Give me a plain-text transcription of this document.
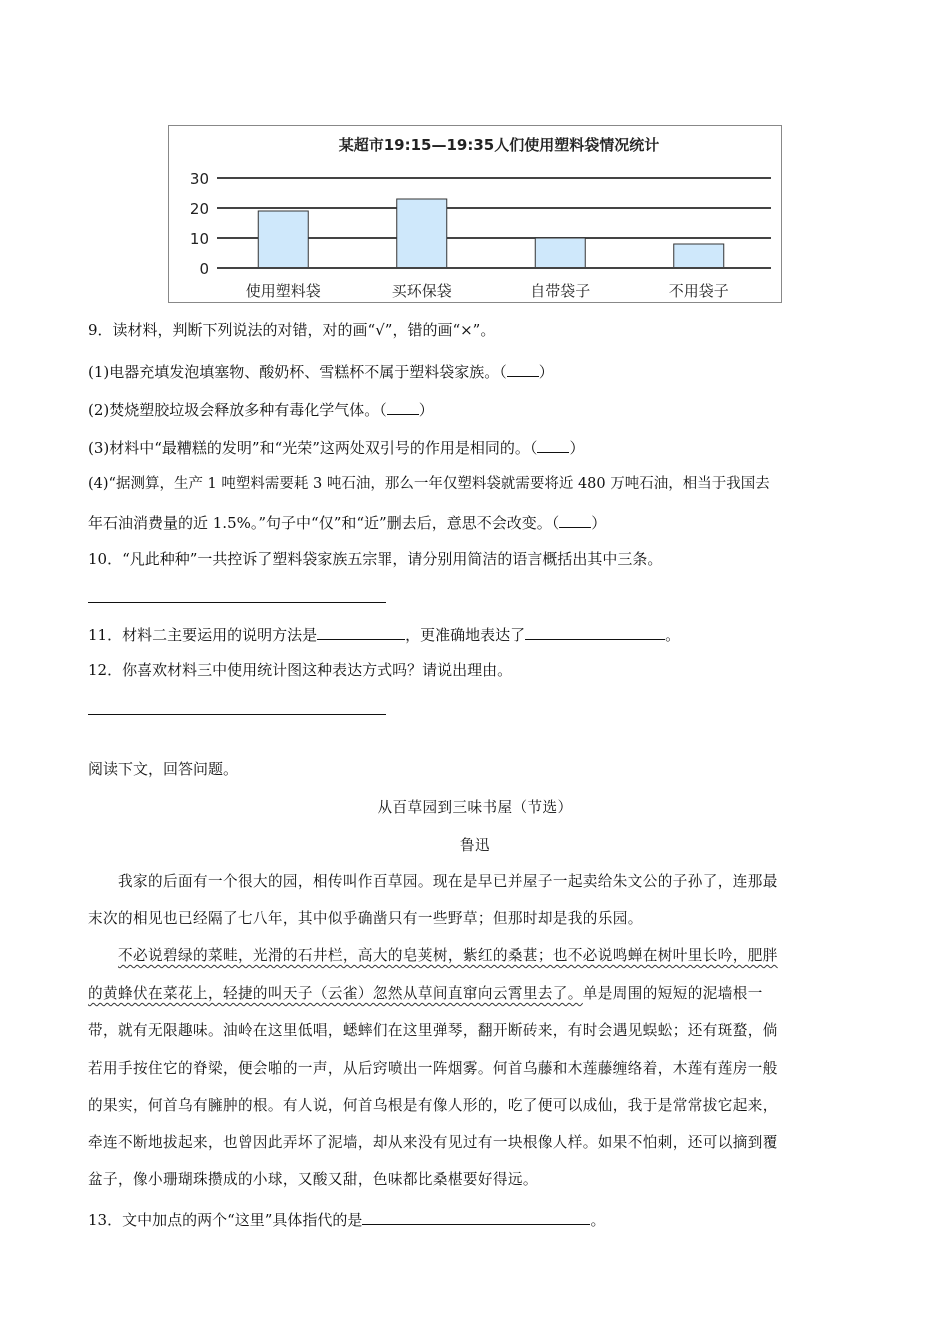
某超市19:15—19:35人们使用塑料袋情况统计
0
10
20
30
使用塑料袋	买环保袋	自带袋子	不用袋子
9．读材料，判断下列说法的对错，对的画“√”，错的画“×”。
(1)电器充填发泡填塞物、酸奶杯、雪糕杯不属于塑料袋家族。（ ）
(2)焚烧塑胶垃圾会释放多种有毒化学气体。（ ）
(3)材料中“最糟糕的发明”和“光荣”这两处双引号的作用是相同的。（ ）
(4)“据测算，生产 1 吨塑料需要耗 3 吨石油，那么一年仅塑料袋就需要将近 480 万吨石油，相当于我国去
年石油消费量的近 1.5%。”句子中“仅”和“近”删去后，意思不会改变。（ ）
10．“凡此种种”一共控诉了塑料袋家族五宗罪，请分别用简洁的语言概括出其中三条。
11．材料二主要运用的说明方法是	，更准确地表达了	。
12．你喜欢材料三中使用统计图这种表达方式吗？请说出理由。
阅读下文，回答问题。
从百草园到三味书屋（节选）
鲁迅
我家的后面有一个很大的园，相传叫作百草园。现在是早已并屋子一起卖给朱文公的子孙了，连那最
末次的相见也已经隔了七八年，其中似乎确凿只有一些野草；但那时却是我的乐园。
不必说碧绿的菜畦，光滑的石井栏，高大的皂荚树，紫红的桑葚；也不必说鸣蝉在树叶里长吟，肥胖
的黄蜂伏在菜花上，轻捷的叫天子（云雀）忽然从草间直窜向云霄里去了。单是周围的短短的泥墙根一
带，就有无限趣味。油岭在这里低唱，蟋蟀们在这里弹琴，翻开断砖来，有时会遇见蜈蚣；还有斑蝥，倘
若用手按住它的脊梁，便会啪的一声，从后窍喷出一阵烟雾。何首乌藤和木莲藤缠络着，木莲有莲房一般
的果实，何首乌有臃肿的根。有人说，何首乌根是有像人形的，吃了便可以成仙，我于是常常拔它起来，
牵连不断地拔起来，也曾因此弄坏了泥墙，却从来没有见过有一块根像人样。如果不怕刺，还可以摘到覆
盆子，像小珊瑚珠攒成的小球，又酸又甜，色味都比桑椹要好得远。
13．文中加点的两个“这里”具体指代的是	。
